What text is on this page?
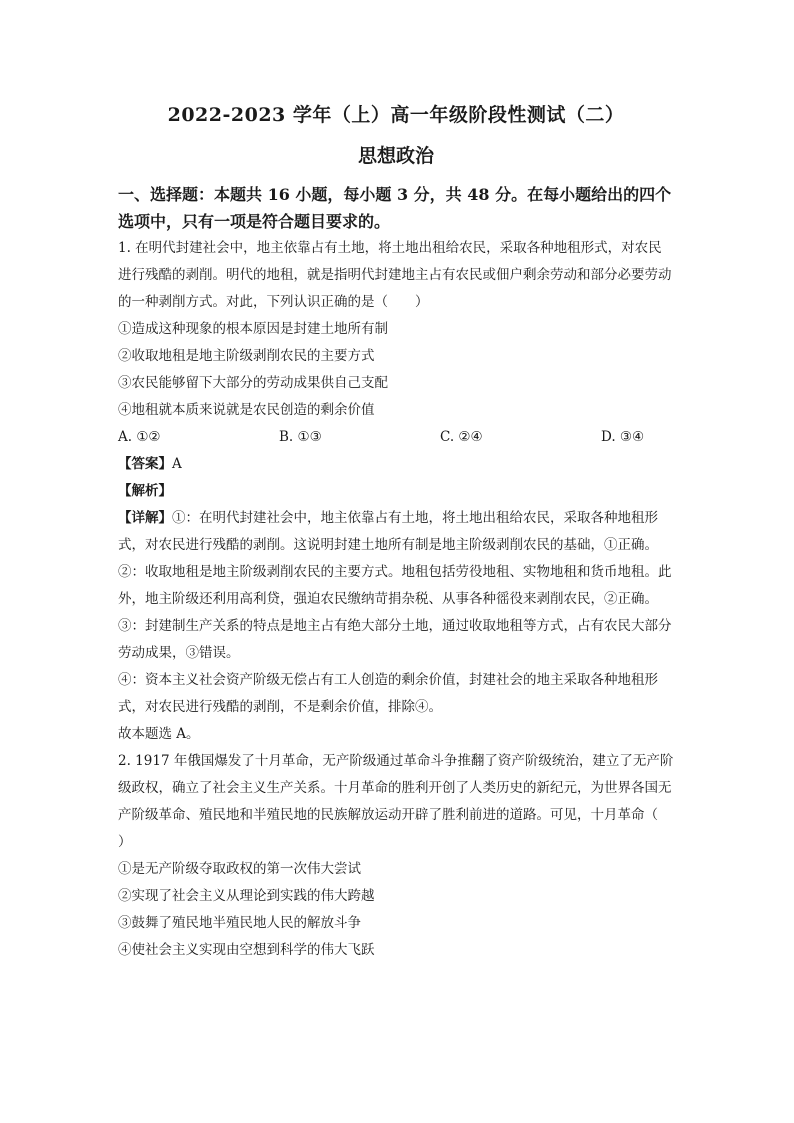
2022-2023 学年（上）高一年级阶段性测试（二）
思想政治
一、选择题：本题共 16 小题，每小题 3 分，共 48 分。在每小题给出的四个选项中，只有一项是符合题目要求的。

1. 在明代封建社会中，地主依靠占有土地，将土地出租给农民，采取各种地租形式，对农民进行残酷的剥削。明代的地租，就是指明代封建地主占有农民或佃户剩余劳动和部分必要劳动的一种剥削方式。对此，下列认识正确的是（　　）

①造成这种现象的根本原因是封建土地所有制

②收取地租是地主阶级剥削农民的主要方式

③农民能够留下大部分的劳动成果供自己支配

④地租就本质来说就是农民创造的剩余价值

A. ①②	B. ①③	C. ②④	D. ③④
【答案】A
【解析】

【详解】①：在明代封建社会中，地主依靠占有土地，将土地出租给农民，采取各种地租形式，对农民进行残酷的剥削。这说明封建土地所有制是地主阶级剥削农民的基础，①正确。

②：收取地租是地主阶级剥削农民的主要方式。地租包括劳役地租、实物地租和货币地租。此外，地主阶级还利用高利贷，强迫农民缴纳苛捐杂税、从事各种徭役来剥削农民，②正确。

③：封建制生产关系的特点是地主占有绝大部分土地，通过收取地租等方式，占有农民大部分劳动成果，③错误。

④：资本主义社会资产阶级无偿占有工人创造的剩余价值，封建社会的地主采取各种地租形式，对农民进行残酷的剥削，不是剩余价值，排除④。

故本题选 A。

2. 1917 年俄国爆发了十月革命，无产阶级通过革命斗争推翻了资产阶级统治，建立了无产阶级政权，确立了社会主义生产关系。十月革命的胜利开创了人类历史的新纪元，为世界各国无产阶级革命、殖民地和半殖民地的民族解放运动开辟了胜利前进的道路。可见，十月革命（　　）

①是无产阶级夺取政权的第一次伟大尝试

②实现了社会主义从理论到实践的伟大跨越

③鼓舞了殖民地半殖民地人民的解放斗争

④使社会主义实现由空想到科学的伟大飞跃
